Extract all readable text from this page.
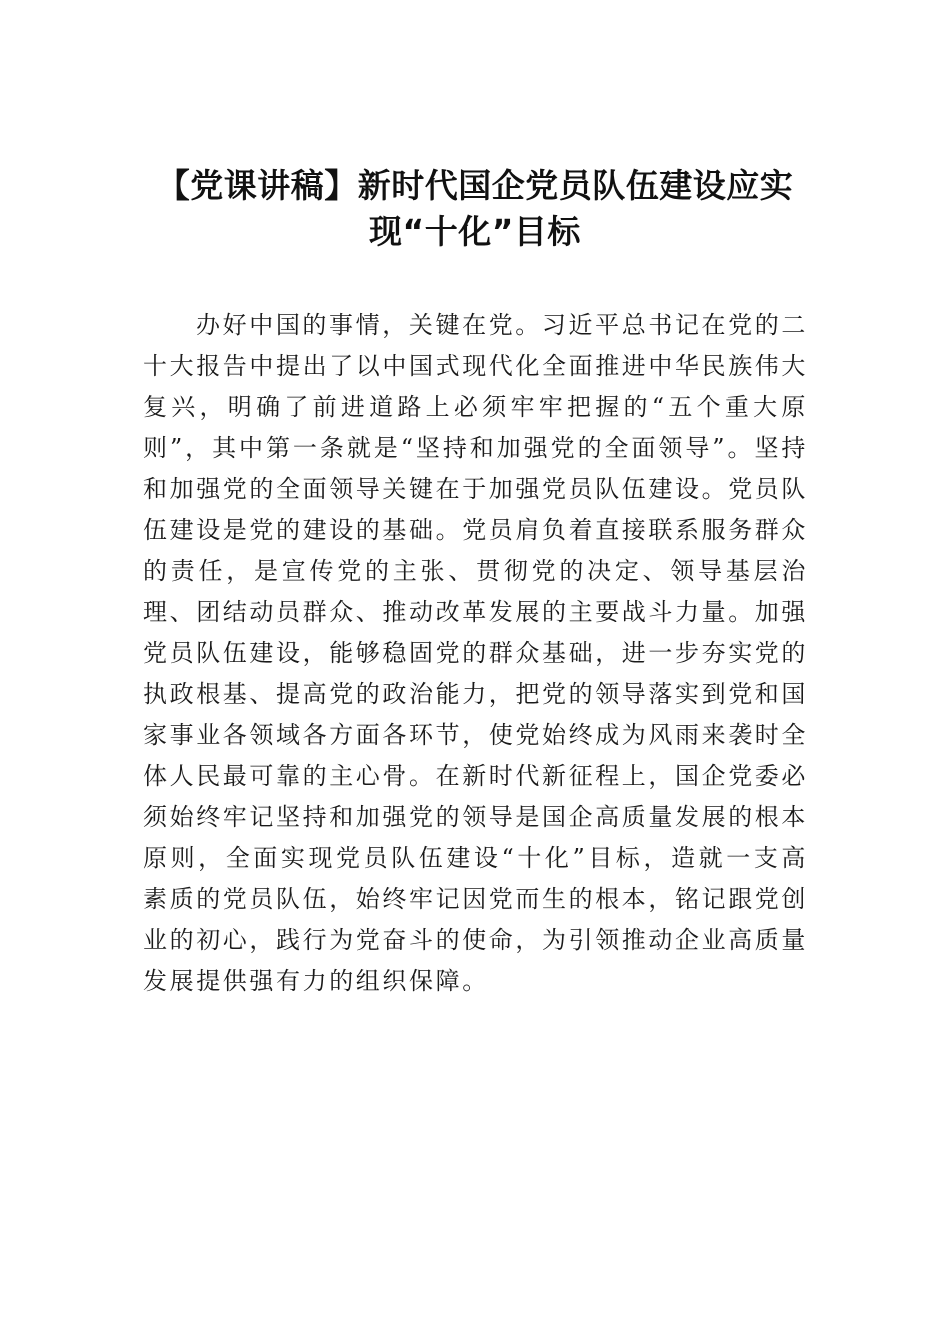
【党课讲稿】新时代国企党员队伍建设应实现“十化”目标

办好中国的事情，关键在党。习近平总书记在党的二十大报告中提出了以中国式现代化全面推进中华民族伟大复兴，明确了前进道路上必须牢牢把握的“五个重大原则”，其中第一条就是“坚持和加强党的全面领导”。坚持和加强党的全面领导关键在于加强党员队伍建设。党员队伍建设是党的建设的基础。党员肩负着直接联系服务群众的责任，是宣传党的主张、贯彻党的决定、领导基层治理、团结动员群众、推动改革发展的主要战斗力量。加强党员队伍建设，能够稳固党的群众基础，进一步夯实党的执政根基、提高党的政治能力，把党的领导落实到党和国家事业各领域各方面各环节，使党始终成为风雨来袭时全体人民最可靠的主心骨。在新时代新征程上，国企党委必须始终牢记坚持和加强党的领导是国企高质量发展的根本原则，全面实现党员队伍建设“十化”目标，造就一支高素质的党员队伍，始终牢记因党而生的根本，铭记跟党创业的初心，践行为党奋斗的使命，为引领推动企业高质量发展提供强有力的组织保障。
